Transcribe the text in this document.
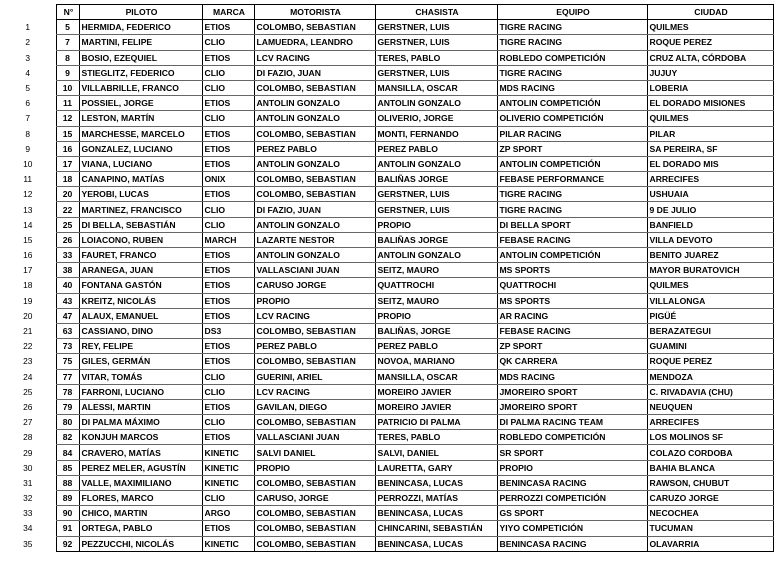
	N°	PILOTO	MARCA	MOTORISTA	CHASISTA	EQUIPO	CIUDAD
1	5	HERMIDA, FEDERICO	ETIOS	COLOMBO, SEBASTIAN	GERSTNER, LUIS	TIGRE RACING	QUILMES
2	7	MARTINI, FELIPE	CLIO	LAMUEDRA, LEANDRO	GERSTNER, LUIS	TIGRE RACING	ROQUE PEREZ
3	8	BOSIO, EZEQUIEL	ETIOS	LCV RACING	TERES, PABLO	ROBLEDO COMPETICIÓN	CRUZ ALTA, CÓRDOBA
4	9	STIEGLITZ, FEDERICO	CLIO	DI FAZIO, JUAN	GERSTNER, LUIS	TIGRE RACING	JUJUY
5	10	VILLABRILLE, FRANCO	CLIO	COLOMBO, SEBASTIAN	MANSILLA, OSCAR	MDS RACING	LOBERIA
6	11	POSSIEL, JORGE	ETIOS	ANTOLIN GONZALO	ANTOLIN GONZALO	ANTOLIN COMPETICIÓN	EL DORADO MISIONES
7	12	LESTON, MARTÍN	CLIO	ANTOLIN GONZALO	OLIVERIO, JORGE	OLIVERIO COMPETICIÓN	QUILMES
8	15	MARCHESSE, MARCELO	ETIOS	COLOMBO, SEBASTIAN	MONTI, FERNANDO	PILAR RACING	PILAR
9	16	GONZALEZ, LUCIANO	ETIOS	PEREZ PABLO	PEREZ PABLO	ZP SPORT	SA PEREIRA, SF
10	17	VIANA, LUCIANO	ETIOS	ANTOLIN GONZALO	ANTOLIN GONZALO	ANTOLIN COMPETICIÓN	EL DORADO MIS
11	18	CANAPINO, MATÍAS	ONIX	COLOMBO, SEBASTIAN	BALIÑAS JORGE	FEBASE PERFORMANCE	ARRECIFES
12	20	YEROBI, LUCAS	ETIOS	COLOMBO, SEBASTIAN	GERSTNER, LUIS	TIGRE RACING	USHUAIA
13	22	MARTINEZ, FRANCISCO	CLIO	DI FAZIO, JUAN	GERSTNER, LUIS	TIGRE RACING	9 DE JULIO
14	25	DI BELLA, SEBASTIÁN	CLIO	ANTOLIN GONZALO	PROPIO	DI BELLA SPORT	BANFIELD
15	26	LOIACONO, RUBEN	MARCH	LAZARTE NESTOR	BALIÑAS JORGE	FEBASE RACING	VILLA DEVOTO
16	33	FAURET, FRANCO	ETIOS	ANTOLIN GONZALO	ANTOLIN GONZALO	ANTOLIN COMPETICIÓN	BENITO JUAREZ
17	38	ARANEGA, JUAN	ETIOS	VALLASCIANI JUAN	SEITZ, MAURO	MS SPORTS	MAYOR BURATOVICH
18	40	FONTANA GASTÓN	ETIOS	CARUSO JORGE	QUATTROCHI	QUATTROCHI	QUILMES
19	43	KREITZ, NICOLÁS	ETIOS	PROPIO	SEITZ, MAURO	MS SPORTS	VILLALONGA
20	47	ALAUX, EMANUEL	ETIOS	LCV RACING	PROPIO	AR RACING	PIGÜÉ
21	63	CASSIANO, DINO	DS3	COLOMBO, SEBASTIAN	BALIÑAS, JORGE	FEBASE RACING	BERAZATEGUI
22	73	REY, FELIPE	ETIOS	PEREZ PABLO	PEREZ PABLO	ZP SPORT	GUAMINI
23	75	GILES, GERMÁN	ETIOS	COLOMBO, SEBASTIAN	NOVOA, MARIANO	QK CARRERA	ROQUE PEREZ
24	77	VITAR, TOMÁS	CLIO	GUERINI, ARIEL	MANSILLA, OSCAR	MDS RACING	MENDOZA
25	78	FARRONI, LUCIANO	CLIO	LCV RACING	MOREIRO JAVIER	JMOREIRO SPORT	C. RIVADAVIA (CHU)
26	79	ALESSI, MARTIN	ETIOS	GAVILAN, DIEGO	MOREIRO JAVIER	JMOREIRO SPORT	NEUQUEN
27	80	DI PALMA MÁXIMO	CLIO	COLOMBO, SEBASTIAN	PATRICIO DI PALMA	DI PALMA RACING TEAM	ARRECIFES
28	82	KONJUH MARCOS	ETIOS	VALLASCIANI JUAN	TERES, PABLO	ROBLEDO COMPETICIÓN	LOS MOLINOS SF
29	84	CRAVERO, MATÍAS	KINETIC	SALVI DANIEL	SALVI, DANIEL	SR SPORT	COLAZO CORDOBA
30	85	PEREZ MELER, AGUSTÍN	KINETIC	PROPIO	LAURETTA, GARY	PROPIO	BAHIA BLANCA
31	88	VALLE, MAXIMILIANO	KINETIC	COLOMBO, SEBASTIAN	BENINCASA, LUCAS	BENINCASA RACING	RAWSON, CHUBUT
32	89	FLORES, MARCO	CLIO	CARUSO, JORGE	PERROZZI, MATÍAS	PERROZZI COMPETICIÓN	CARUZO JORGE
33	90	CHICO, MARTIN	ARGO	COLOMBO, SEBASTIAN	BENINCASA, LUCAS	GS SPORT	NECOCHEA
34	91	ORTEGA, PABLO	ETIOS	COLOMBO, SEBASTIAN	CHINCARINI, SEBASTIÁN	YIYO COMPETICIÓN	TUCUMAN
35	92	PEZZUCCHI, NICOLÁS	KINETIC	COLOMBO, SEBASTIAN	BENINCASA, LUCAS	BENINCASA RACING	OLAVARRIA
